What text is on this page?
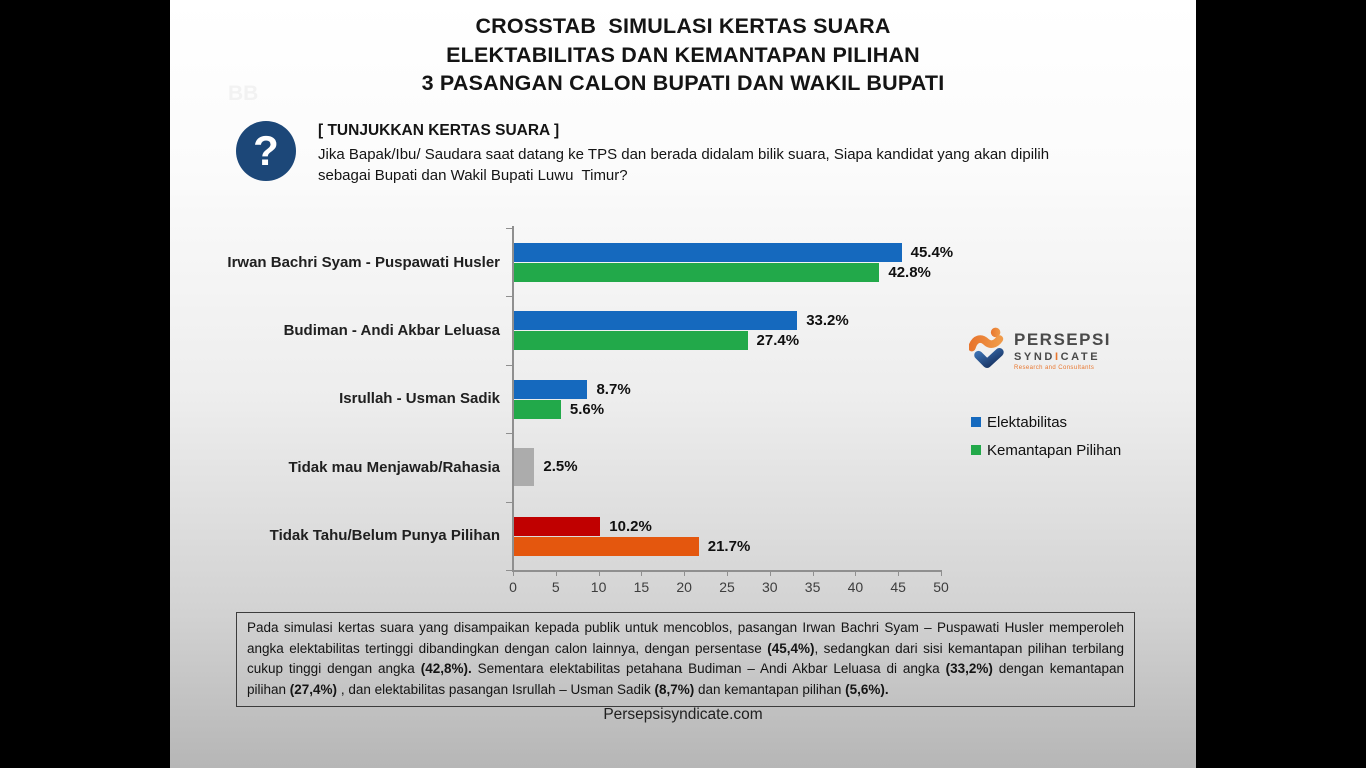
CROSSTAB  SIMULASI KERTAS SUARA
ELEKTABILITAS DAN KEMANTAPAN PILIHAN
3 PASANGAN CALON BUPATI DAN WAKIL BUPATI
BB
?	[ TUNJUKKAN KERTAS SUARA ]
Jika Bapak/Ibu/ Saudara saat datang ke TPS dan berada didalam bilik suara, Siapa kandidat yang akan dipilih sebagai Bupati dan Wakil Bupati Luwu  Timur?
Irwan Bachri Syam - Puspawati Husler
Budiman - Andi Akbar Leluasa
Isrullah - Usman Sadik
Tidak mau Menjawab/Rahasia
Tidak Tahu/Belum Punya Pilihan
45.4%
42.8%
33.2%
27.4%
8.7%
5.6%
2.5%
10.2%
21.7%
0	5	10	15	20	25	30	35	40	45	50
Elektabilitas
Kemantapan Pilihan
PERSEPSI
SYNDICATE
Research and Consultants
Pada simulasi kertas suara yang disampaikan kepada publik untuk mencoblos, pasangan Irwan Bachri Syam – Puspawati Husler memperoleh angka elektabilitas tertinggi dibandingkan dengan calon lainnya, dengan persentase (45,4%), sedangkan dari sisi kemantapan pilihan terbilang cukup tinggi dengan angka (42,8%). Sementara elektabilitas petahana Budiman – Andi Akbar Leluasa di angka (33,2%) dengan kemantapan pilihan (27,4%) , dan elektabilitas pasangan Isrullah – Usman Sadik (8,7%) dan kemantapan pilihan (5,6%).
Persepsisyndicate.com
